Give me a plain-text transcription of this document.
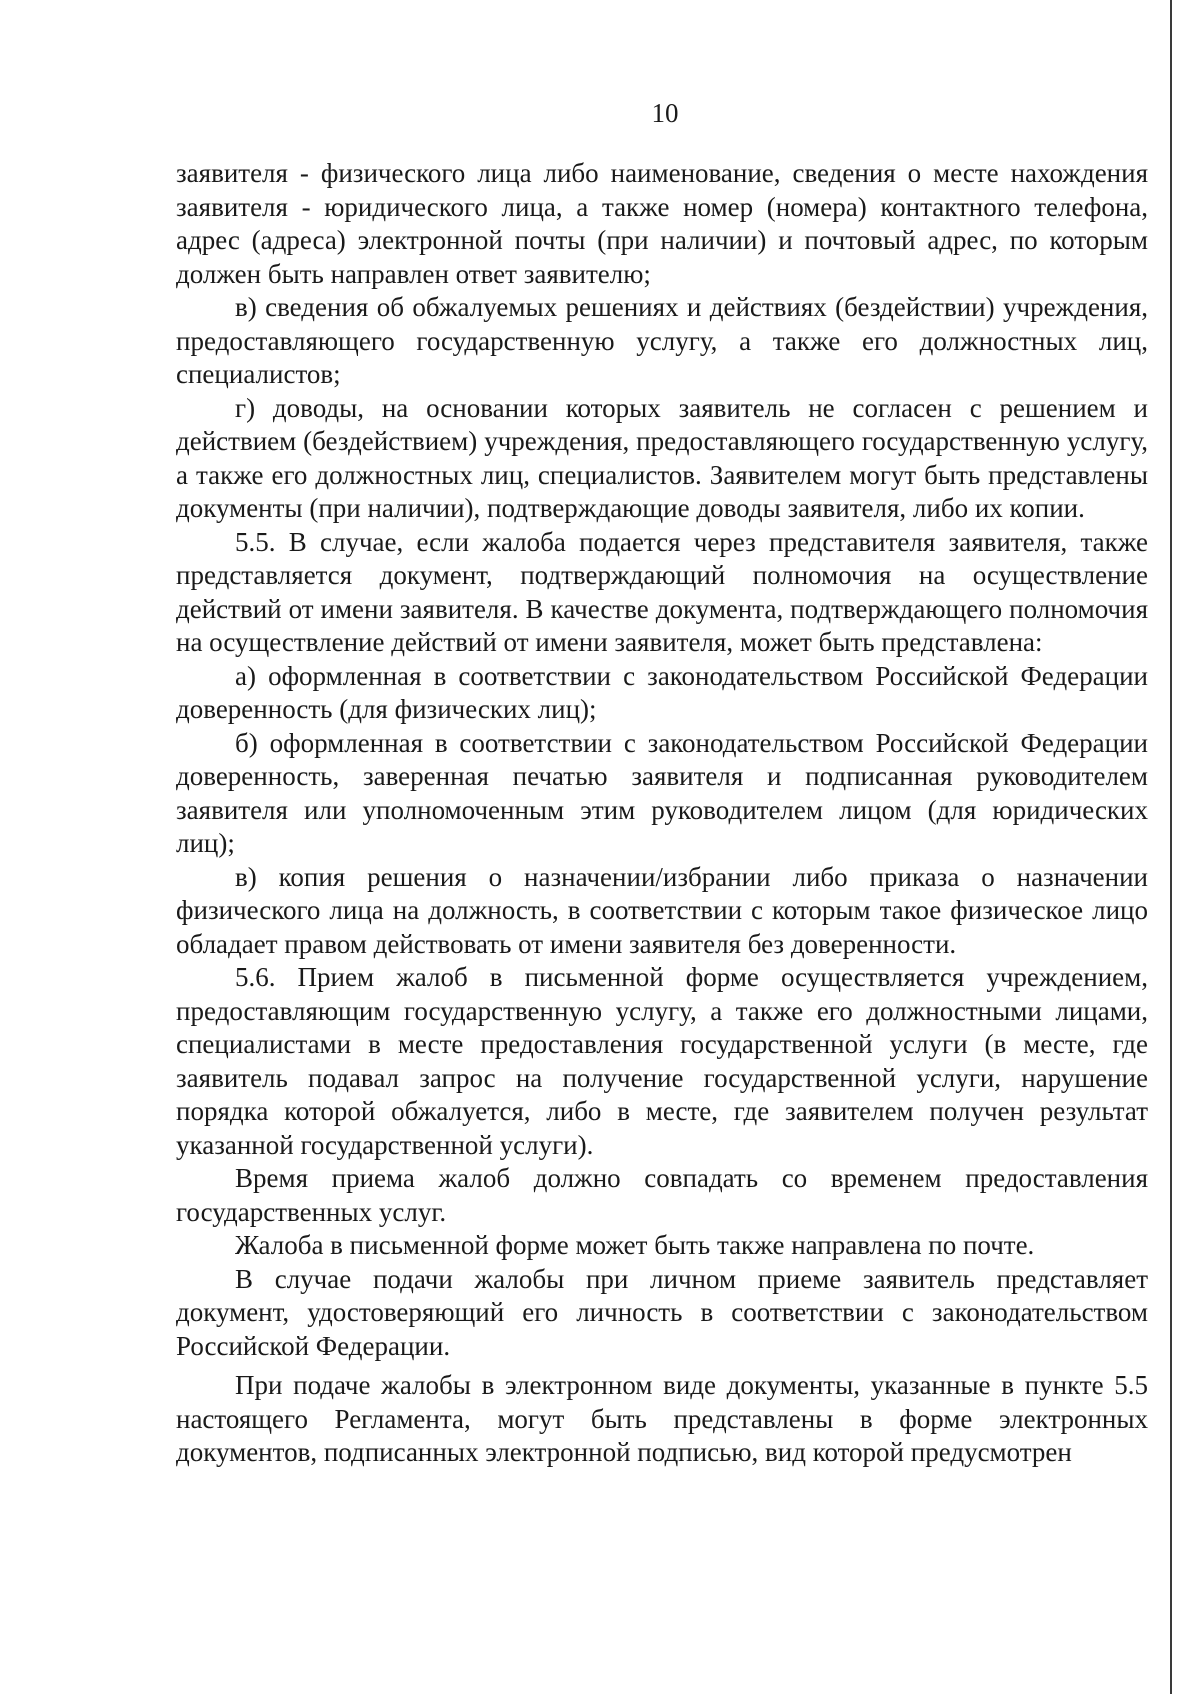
10

заявителя - физического лица либо наименование, сведения о месте нахождения заявителя - юридического лица, а также номер (номера) контактного телефона, адрес (адреса) электронной почты (при наличии) и почтовый адрес, по которым должен быть направлен ответ заявителю;

в) сведения об обжалуемых решениях и действиях (бездействии) учреждения, предоставляющего государственную услугу, а также его должностных лиц, специалистов;

г) доводы, на основании которых заявитель не согласен с решением и действием (бездействием) учреждения, предоставляющего государственную услугу, а также его должностных лиц, специалистов. Заявителем могут быть представлены документы (при наличии), подтверждающие доводы заявителя, либо их копии.

5.5. В случае, если жалоба подается через представителя заявителя, также представляется документ, подтверждающий полномочия на осуществление действий от имени заявителя. В качестве документа, подтверждающего полномочия на осуществление действий от имени заявителя, может быть представлена:

а) оформленная в соответствии с законодательством Российской Федерации доверенность (для физических лиц);

б) оформленная в соответствии с законодательством Российской Федерации доверенность, заверенная печатью заявителя и подписанная руководителем заявителя или уполномоченным этим руководителем лицом (для юридических лиц);

в) копия решения о назначении/избрании либо приказа о назначении физического лица на должность, в соответствии с которым такое физическое лицо обладает правом действовать от имени заявителя без доверенности.

5.6. Прием жалоб в письменной форме осуществляется учреждением, предоставляющим государственную услугу, а также его должностными лицами, специалистами в месте предоставления государственной услуги (в месте, где заявитель подавал запрос на получение государственной услуги, нарушение порядка которой обжалуется, либо в месте, где заявителем получен результат указанной государственной услуги).

Время приема жалоб должно совпадать со временем предоставления государственных услуг.

Жалоба в письменной форме может быть также направлена по почте.

В случае подачи жалобы при личном приеме заявитель представляет документ, удостоверяющий его личность в соответствии с законодательством Российской Федерации.

При подаче жалобы в электронном виде документы, указанные в пункте 5.5 настоящего Регламента, могут быть представлены в форме электронных документов, подписанных электронной подписью, вид которой предусмотрен
